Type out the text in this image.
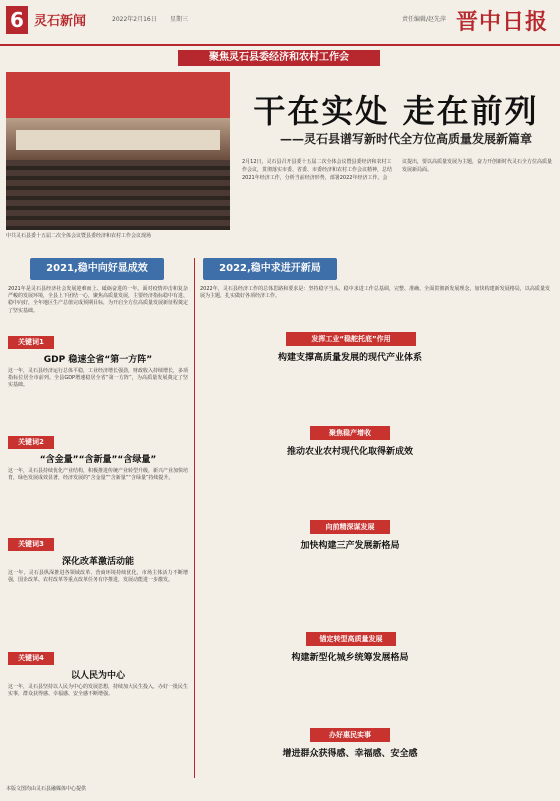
6 灵石新闻	2022年2月16日 星期三	责任编辑/赵先萍 晋中日报
聚焦灵石县委经济和农村工作会
中共灵石县委十五届二次全体会议暨县委经济和农村工作会议现场
干在实处 走在前列
——灵石县谱写新时代全方位高质量发展新篇章
2月12日，灵石县召开县委十五届二次全体会议暨县委经济和农村工作会议，贯彻落实市委、省委、市委经济和农村工作会议精神，总结2021年经济工作，分析当前经济形势，部署2022年经济工作。会议提出，要以高质量发展为主题，奋力开创新时代灵石全方位高质量发展新局面。
2021,稳中向好显成效	2022,稳中求进开新局
2021年是灵石县经济社会发展迎难而上、砥砺奋进的一年。面对疫情冲击和复杂严峻的发展环境，全县上下团结一心，聚焦高质量发展，主要经济指标稳中有进、稳中向好，全年地区生产总值完成预期目标，为开启全方位高质量发展新征程奠定了坚实基础。
关键词1
GDP 稳速全省“第一方阵”
这一年，灵石县经济运行总体平稳，工业经济增长强劲，财政收入持续增长，多项指标位居全市前列。全县GDP增速稳居全省“第一方阵”，为高质量发展奠定了坚实基础。
关键词2
“含金量”“含新量”“含绿量”
这一年，灵石县持续优化产业结构，积极推进传统产业转型升级，新兴产业加快培育，绿色发展成效显著，经济发展的“含金量”“含新量”“含绿量”持续提升。
关键词3
深化改革激活动能
这一年，灵石县纵深推进各领域改革，营商环境持续优化，市场主体活力不断增强，国企改革、农村改革等重点改革任务有序推进，发展动能进一步激发。
关键词4
以人民为中心
这一年，灵石县坚持以人民为中心的发展思想，持续加大民生投入，办好一批民生实事，群众获得感、幸福感、安全感不断增强。
2022年，灵石县经济工作的总体思路和要求是：坚持稳字当头、稳中求进工作总基调，完整、准确、全面贯彻新发展理念，加快构建新发展格局，以高质量发展为主题，扎实做好各项经济工作。
发挥工业“稳舵托底”作用
构建支撑高质量发展的现代产业体系
聚焦稳产增收
推动农业农村现代化取得新成效
向前精深谋发展
加快构建三产发展新格局
锚定转型高质量发展
构建新型化城乡统筹发展格局
办好惠民实事
增进群众获得感、幸福感、安全感
本版文图均由灵石县融媒体中心提供
